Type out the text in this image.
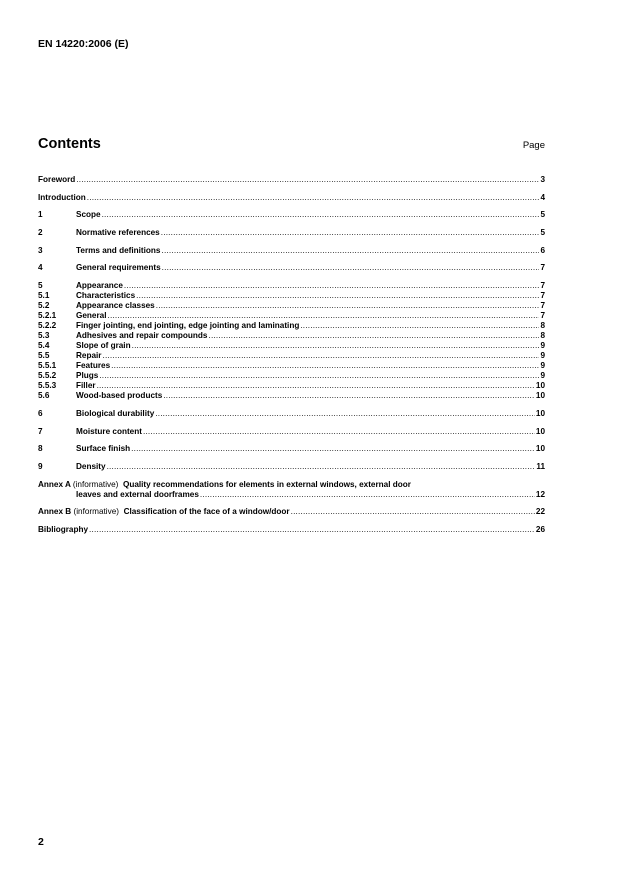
EN 14220:2006 (E)
Contents	Page
Foreword .....	3
Introduction .....	4
1	Scope .....	5
2	Normative references .....	5
3	Terms and definitions .....	6
4	General requirements .....	7
5	Appearance .....	7
5.1	Characteristics .....	7
5.2	Appearance classes .....	7
5.2.1	General .....	7
5.2.2	Finger jointing, end jointing, edge jointing and laminating .....	8
5.3	Adhesives and repair compounds .....	8
5.4	Slope of grain .....	9
5.5	Repair .....	9
5.5.1	Features .....	9
5.5.2	Plugs .....	9
5.5.3	Filler .....	10
5.6	Wood-based products .....	10
6	Biological durability .....	10
7	Moisture content .....	10
8	Surface finish .....	10
9	Density .....	11
Annex A (informative) Quality recommendations for elements in external windows, external door
leaves and external doorframes .....	12
Annex B (informative) Classification of the face of a window/door .....	22
Bibliography .....	26
2
